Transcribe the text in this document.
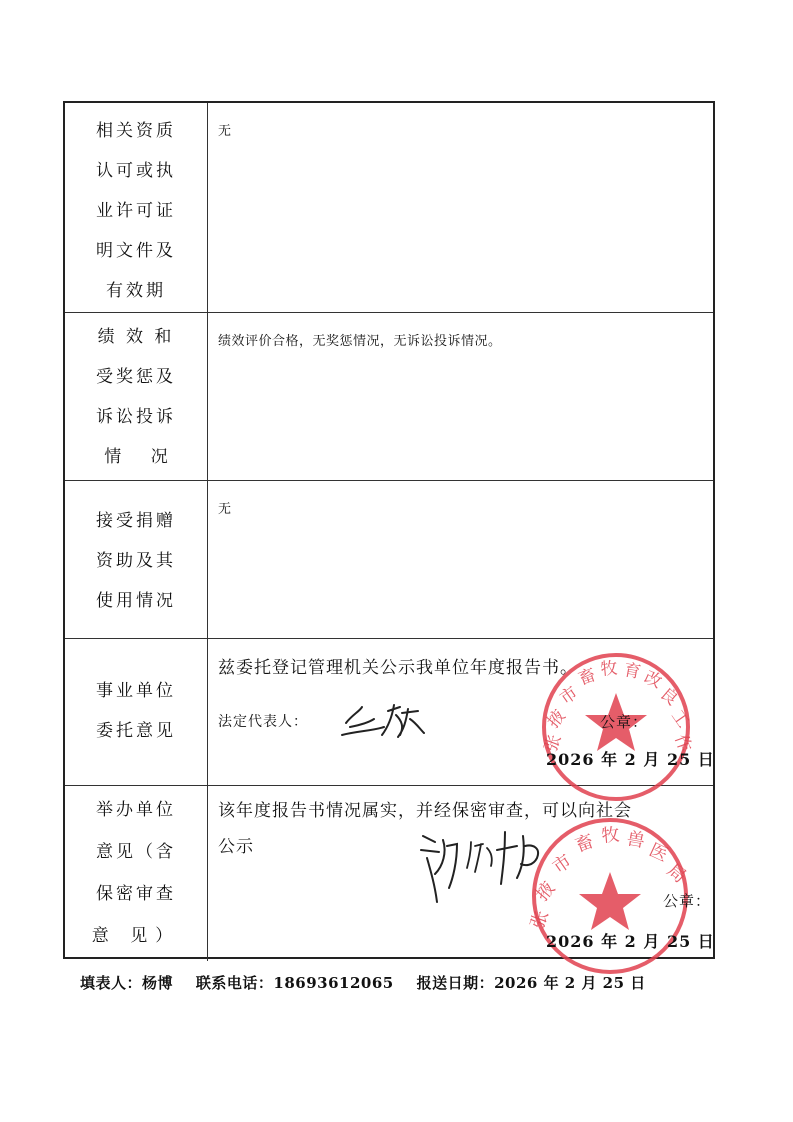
相关资质
认可或执
业许可证
明文件及
有效期
无
绩 效 和
受奖惩及
诉讼投诉
情 况
绩效评价合格，无奖惩情况，无诉讼投诉情况。
接受捐赠
资助及其
使用情况
无
事业单位
委托意见
兹委托登记管理机关公示我单位年度报告书。
法定代表人：
张
掖
市
畜 牧 育
改
良
工
作
公章：
2026 年 2 月 25 日
举办单位
意见（含
保密审查
意 见）
该年度报告书情况属实，并经保密审查，可以向社会
公示
张
掖
市
畜 牧 兽 医
局
公章：
2026 年 2 月 25 日
填表人：杨博 联系电话：18693612065 报送日期：2026 年 2 月 25 日
